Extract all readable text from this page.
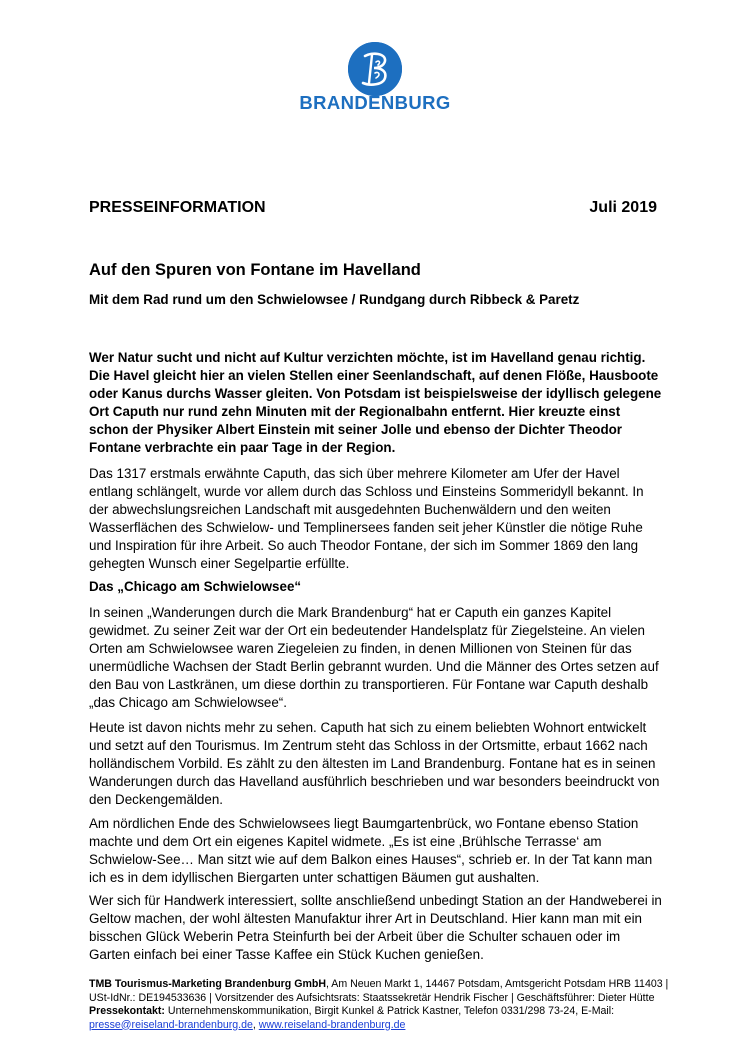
BRANDENBURG
PRESSEINFORMATION	Juli 2019
Auf den Spuren von Fontane im Havelland
Mit dem Rad rund um den Schwielowsee / Rundgang durch Ribbeck & Paretz

Wer Natur sucht und nicht auf Kultur verzichten möchte, ist im Havelland genau richtig. Die Havel gleicht hier an vielen Stellen einer Seenlandschaft, auf denen Flöße, Hausboote oder Kanus durchs Wasser gleiten. Von Potsdam ist beispielsweise der idyllisch gelegene Ort Caputh nur rund zehn Minuten mit der Regionalbahn entfernt. Hier kreuzte einst schon der Physiker Albert Einstein mit seiner Jolle und ebenso der Dichter Theodor Fontane verbrachte ein paar Tage in der Region.

Das 1317 erstmals erwähnte Caputh, das sich über mehrere Kilometer am Ufer der Havel entlang schlängelt, wurde vor allem durch das Schloss und Einsteins Sommeridyll bekannt. In der abwechslungsreichen Landschaft mit ausgedehnten Buchenwäldern und den weiten Wasserflächen des Schwielow- und Templinersees fanden seit jeher Künstler die nötige Ruhe und Inspiration für ihre Arbeit. So auch Theodor Fontane, der sich im Sommer 1869 den lang gehegten Wunsch einer Segelpartie erfüllte.

Das „Chicago am Schwielowsee“

In seinen „Wanderungen durch die Mark Brandenburg“ hat er Caputh ein ganzes Kapitel gewidmet. Zu seiner Zeit war der Ort ein bedeutender Handelsplatz für Ziegelsteine. An vielen Orten am Schwielowsee waren Ziegeleien zu finden, in denen Millionen von Steinen für das unermüdliche Wachsen der Stadt Berlin gebrannt wurden. Und die Männer des Ortes setzen auf den Bau von Lastkränen, um diese dorthin zu transportieren. Für Fontane war Caputh deshalb „das Chicago am Schwielowsee“.

Heute ist davon nichts mehr zu sehen. Caputh hat sich zu einem beliebten Wohnort entwickelt und setzt auf den Tourismus. Im Zentrum steht das Schloss in der Ortsmitte, erbaut 1662 nach holländischem Vorbild. Es zählt zu den ältesten im Land Brandenburg. Fontane hat es in seinen Wanderungen durch das Havelland ausführlich beschrieben und war besonders beeindruckt von den Deckengemälden.

Am nördlichen Ende des Schwielowsees liegt Baumgartenbrück, wo Fontane ebenso Station machte und dem Ort ein eigenes Kapitel widmete. „Es ist eine ‚Brühlsche Terrasse‘ am Schwielow-See… Man sitzt wie auf dem Balkon eines Hauses“, schrieb er. In der Tat kann man ich es in dem idyllischen Biergarten unter schattigen Bäumen gut aushalten.

Wer sich für Handwerk interessiert, sollte anschließend unbedingt Station an der Handweberei in Geltow machen, der wohl ältesten Manufaktur ihrer Art in Deutschland. Hier kann man mit ein bisschen Glück Weberin Petra Steinfurth bei der Arbeit über die Schulter schauen oder im Garten einfach bei einer Tasse Kaffee ein Stück Kuchen genießen.

TMB Tourismus-Marketing Brandenburg GmbH, Am Neuen Markt 1, 14467 Potsdam, Amtsgericht Potsdam HRB 11403 | USt-IdNr.: DE194533636 | Vorsitzender des Aufsichtsrats: Staatssekretär Hendrik Fischer | Geschäftsführer: Dieter Hütte Pressekontakt: Unternehmenskommunikation, Birgit Kunkel & Patrick Kastner, Telefon 0331/298 73-24, E-Mail: presse@reiseland-brandenburg.de, www.reiseland-brandenburg.de
